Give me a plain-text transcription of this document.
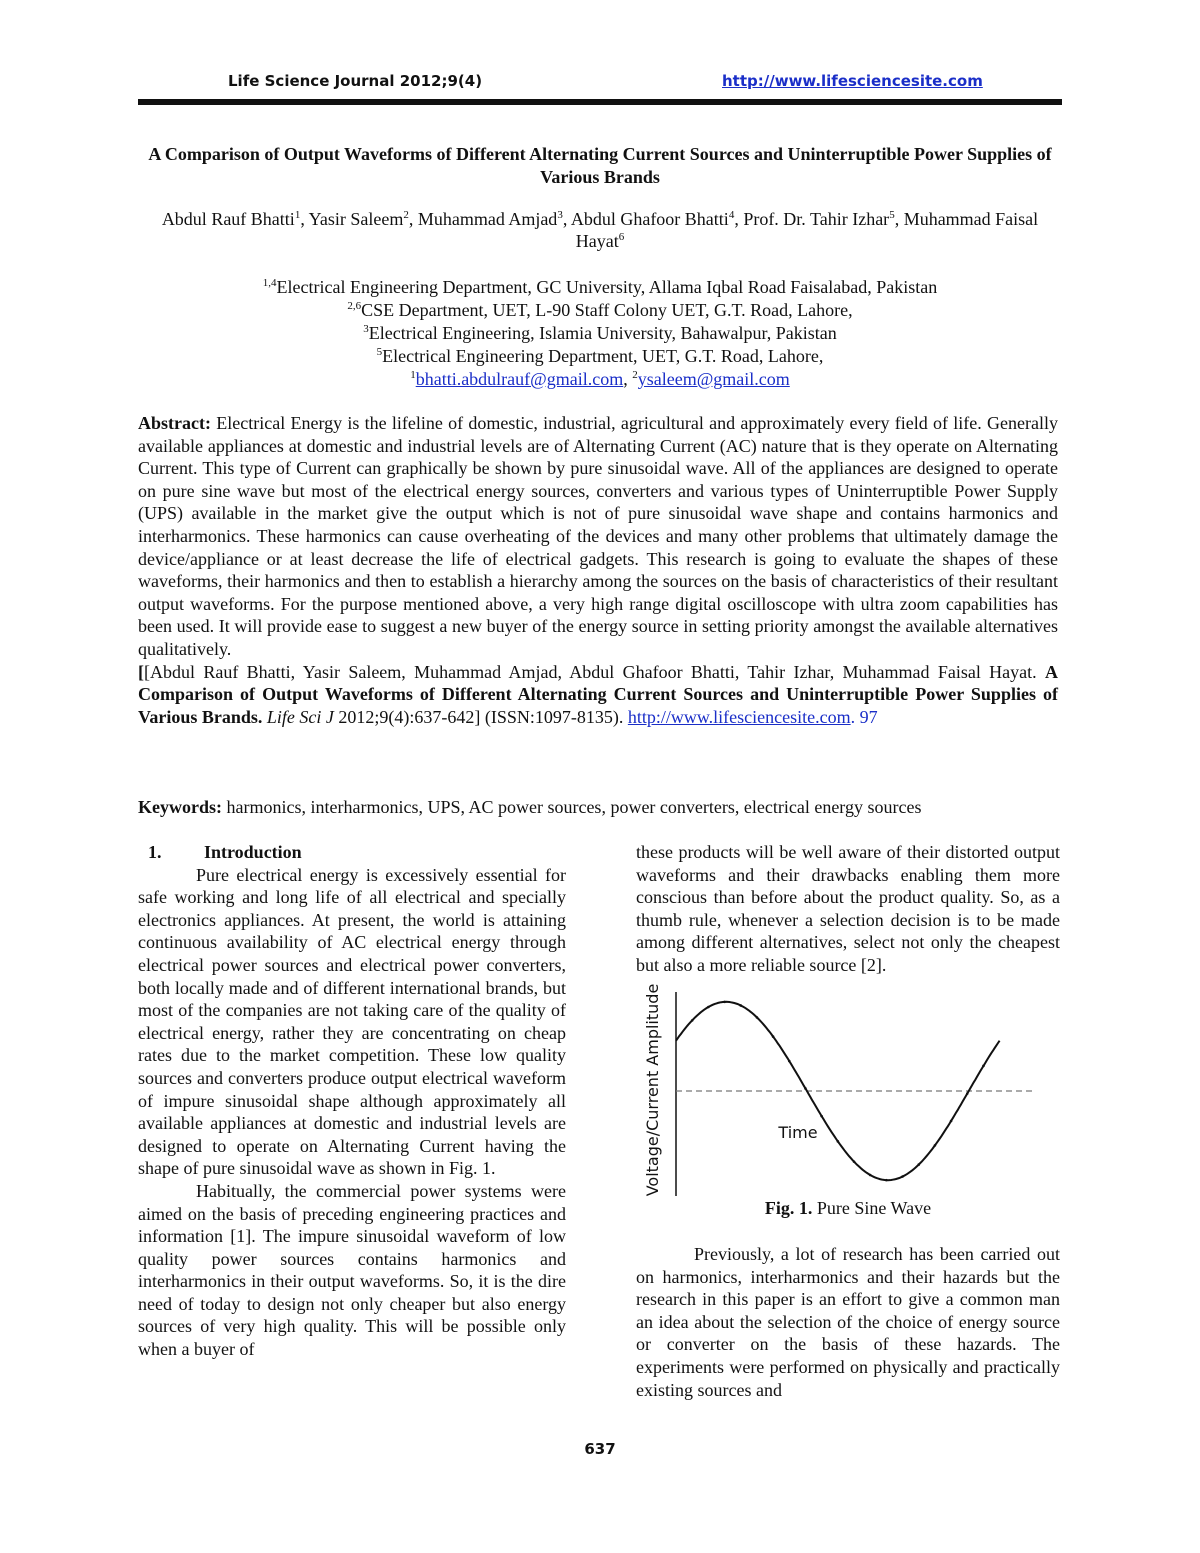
Life Science Journal 2012;9(4)	http://www.lifesciencesite.com
A Comparison of Output Waveforms of Different Alternating Current Sources and Uninterruptible Power Supplies of Various Brands
Abdul Rauf Bhatti$^1$, Yasir Saleem$^2$, Muhammad Amjad$^3$, Abdul Ghafoor Bhatti$^4$, Prof. Dr. Tahir Izhar$^5$, Muhammad Faisal Hayat$^6$
$^{1,4}$Electrical Engineering Department, GC University, Allama Iqbal Road Faisalabad, Pakistan
$^{2,6}$CSE Department, UET, L-90 Staff Colony UET, G.T. Road, Lahore,
$^3$Electrical Engineering, Islamia University, Bahawalpur, Pakistan
$^5$Electrical Engineering Department, UET, G.T. Road, Lahore,
$^1$bhatti.abdulrauf@gmail.com, $^2$ysaleem@gmail.com
Abstract: Electrical Energy is the lifeline of domestic, industrial, agricultural and approximately every field of life. Generally available appliances at domestic and industrial levels are of Alternating Current (AC) nature that is they operate on Alternating Current. This type of Current can graphically be shown by pure sinusoidal wave. All of the appliances are designed to operate on pure sine wave but most of the electrical energy sources, converters and various types of Uninterruptible Power Supply (UPS) available in the market give the output which is not of pure sinusoidal wave shape and contains harmonics and interharmonics. These harmonics can cause overheating of the devices and many other problems that ultimately damage the device/appliance or at least decrease the life of electrical gadgets. This research is going to evaluate the shapes of these waveforms, their harmonics and then to establish a hierarchy among the sources on the basis of characteristics of their resultant output waveforms. For the purpose mentioned above, a very high range digital oscilloscope with ultra zoom capabilities has been used. It will provide ease to suggest a new buyer of the energy source in setting priority amongst the available alternatives qualitatively.
[[Abdul Rauf Bhatti, Yasir Saleem, Muhammad Amjad, Abdul Ghafoor Bhatti, Tahir Izhar, Muhammad Faisal Hayat. A Comparison of Output Waveforms of Different Alternating Current Sources and Uninterruptible Power Supplies of Various Brands. Life Sci J 2012;9(4):637-642] (ISSN:1097-8135). http://www.lifesciencesite.com. 97
Keywords: harmonics, interharmonics, UPS, AC power sources, power converters, electrical energy sources

1. Introduction

Pure electrical energy is excessively essential for safe working and long life of all electrical and specially electronics appliances. At present, the world is attaining continuous availability of AC electrical energy through electrical power sources and electrical power converters, both locally made and of different international brands, but most of the companies are not taking care of the quality of electrical energy, rather they are concentrating on cheap rates due to the market competition. These low quality sources and converters produce output electrical waveform of impure sinusoidal shape although approximately all available appliances at domestic and industrial levels are designed to operate on Alternating Current having the shape of pure sinusoidal wave as shown in Fig. 1.

Habitually, the commercial power systems were aimed on the basis of preceding engineering practices and information [1]. The impure sinusoidal waveform of low quality power sources contains harmonics and interharmonics in their output waveforms. So, it is the dire need of today to design not only cheaper but also energy sources of very high quality. This will be possible only when a buyer of

these products will be well aware of their distorted output waveforms and their drawbacks enabling them more conscious than before about the product quality. So, as a thumb rule, whenever a selection decision is to be made among different alternatives, select not only the cheapest but also a more reliable source [2].

Voltage/Current Amplitude	Time
Fig. 1. Pure Sine Wave

Previously, a lot of research has been carried out on harmonics, interharmonics and their hazards but the research in this paper is an effort to give a common man an idea about the selection of the choice of energy source or converter on the basis of these hazards. The experiments were performed on physically and practically existing sources and

637
